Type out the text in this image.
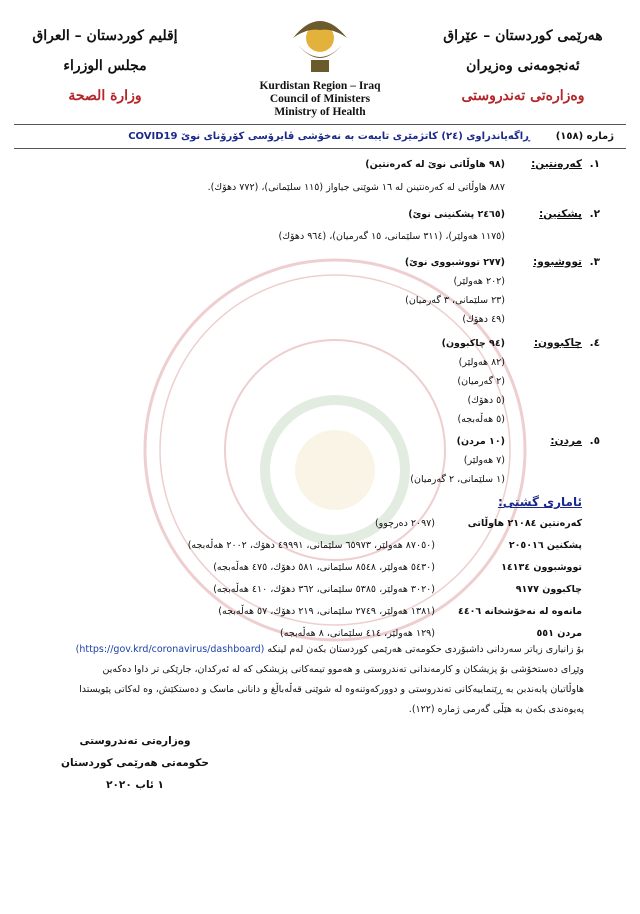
إقليم كوردستان – العراق
مجلس الوزراء
وزارة الصحة
Kurdistan Region – Iraq
Council of Ministers
Ministry of Health
هەرێمی کوردستان – عێراق
ئەنجومەنی وەزیران
وەزارەتی تەندروستی
ژمارە (١٥٨)
ڕاگەیاندراوی (٢٤) کاتژمێری تایبەت بە نەخۆشی ڤایرۆسی کۆرۆنای نوێ COVID19
.١
کەرەنتین:
(٩٨ هاوڵاتی نوێ لە کەرەنتین)
٨٨٧ هاوڵاتی لە کەرەنتینن لە ١٦ شوێنی جیاواز (١١٥ سلێمانی)، (٧٧٢ دهۆك).
.٢
پشکنین:
(٢٤٦٥ پشکنینی نوێ)
(١١٧٥ هەولێر)، (٣١١ سلێمانی، ١٥ گەرمیان)، (٩٦٤ دهۆك)
.٣
تووشبوو:
(٢٧٧ تووشبووی نوێ)
(٢٠٢ هەولێر)
(٢٣ سلێمانی، ٣ گەرمیان)
(٤٩ دهۆك)
.٤
چاکبوون:
(٩٤ چاکبوون)
(٨٢ هەولێر)
(٢ گەرمیان)
(٥ دهۆك)
(٥ هەڵەبجە)
.٥
مردن:
(١٠ مردن)
(٧ هەولێر)
(١ سلێمانی، ٢ گەرمیان)
ئاماری گشتی:
(٢٠٩٧ دەرچوو)	کەرەنتین ٢١٠٨٤ هاوڵاتی
(٨٧٠٥٠ هەولێر، ٦٥٩٧٣ سلێمانی، ٤٩٩٩١ دهۆك، ٢٠٠٢ هەڵەبجە)	پشکنین ٢٠٥٠١٦
(٥٤٣٠ هەولێر، ٨٥٤٨ سلێمانی، ٥٨١ دهۆك، ٤٧٥ هەڵەبجە)	تووشبوون ١٤١٣٤
(٣٠٢٠ هەولێر، ٥٣٨٥ سلێمانی، ٣٦٢ دهۆك، ٤١٠ هەڵەبجە)	چاکبوون ٩١٧٧
(١٣٨١ هەولێر، ٢٧٤٩ سلێمانی، ٢١٩ دهۆك، ٥٧ هەڵەبجە) مانەوە لە نەخۆشخانە ٤٤٠٦
(١٢٩ هەولێر، ٤١٤ سلێمانی، ٨ هەڵەبجە)	مردن ٥٥١
بۆ زانیاری زیاتر سەردانی داشبۆردی حکومەتی هەرێمی کوردستان بکەن لەم لینکە (https://gov.krd/coronavirus/dashboard)
وێڕای دەستخۆشی بۆ پزیشکان و کارمەندانی تەندروستی و هەموو تیمەکانی پزیشکی کە لە ئەرکدان، جارێکی تر داوا دەکەین
هاوڵاتیان پابەندبن بە ڕێنماییەکانی تەندروستی و دوورکەوتنەوە لە شوێنی قەڵەباڵغ و دانانی ماسک و دەستکێش، وە لەکاتی پێویستدا
پەیوەندی بکەن بە هێڵی گەرمی ژمارە (١٢٢).
وەزارەتی تەندروستی
حکومەتی هەرێمی کوردستان
١ ئاب ٢٠٢٠
